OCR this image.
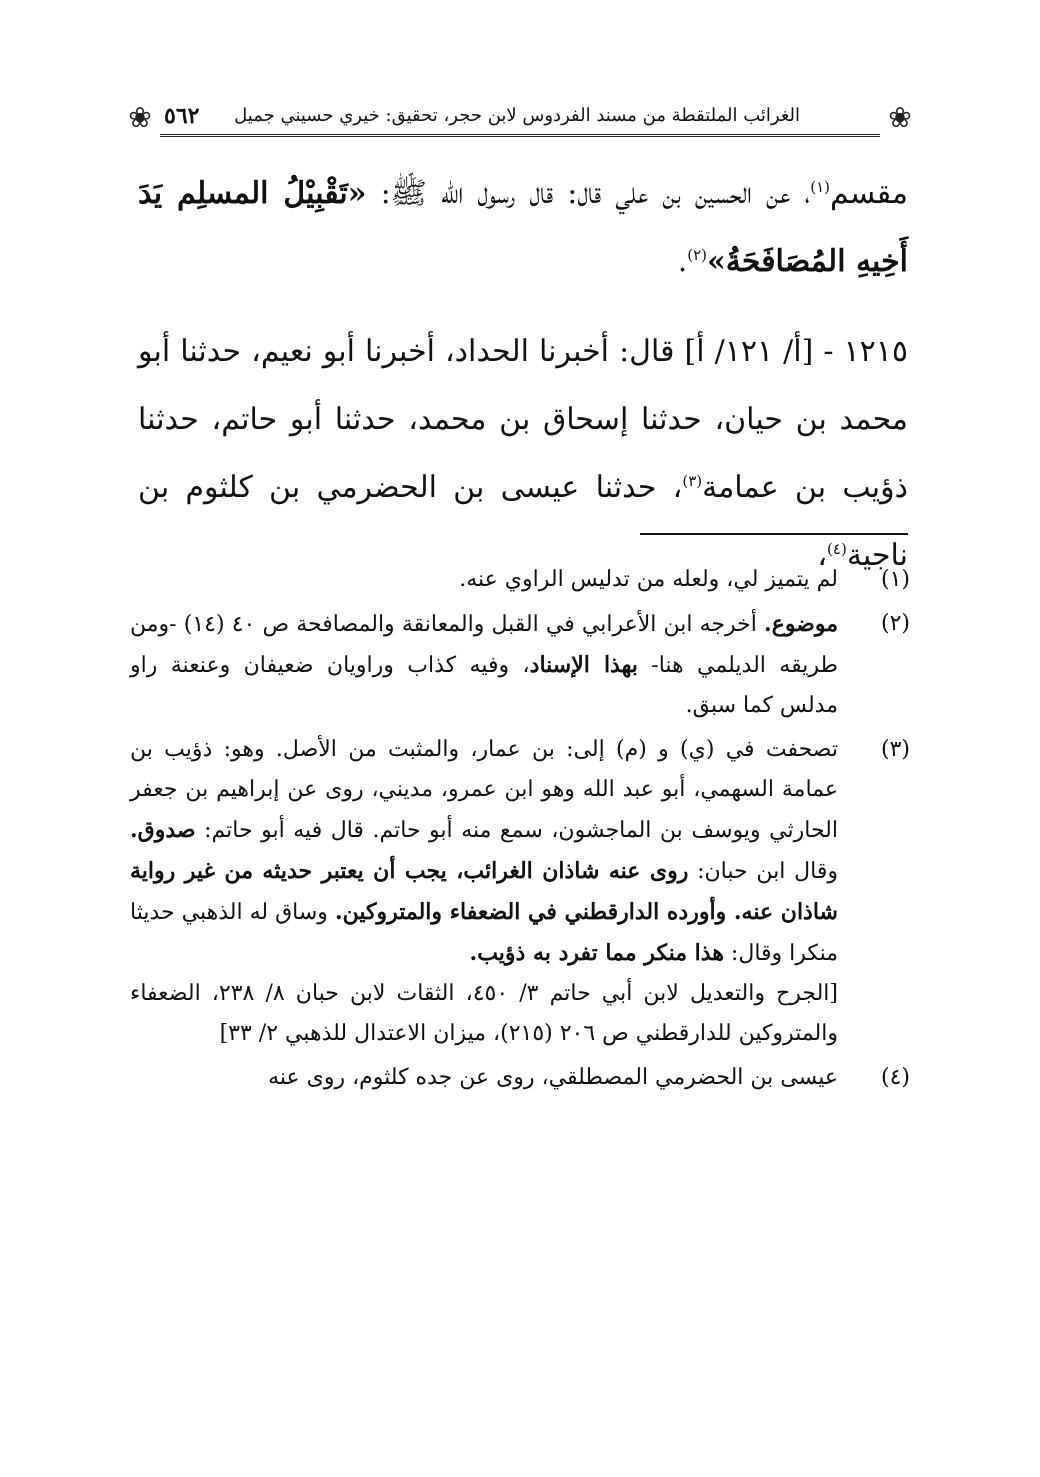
❀
الغرائب الملتقطة من مسند الفردوس لابن حجر، تحقيق: خيري حسيني جميل
٥٦٢
❀

مقسم$^{(١)}$، عن الحسين بن علي قال: قال رسول الله ﷺ: «تَقْبِيْلُ المسلِم يَدَ أَخِيهِ المُصَافَحَةُ»$^{(٢)}$.

١٢١٥ - [أ/ ١٢١/ أ] قال: أخبرنا الحداد، أخبرنا أبو نعيم، حدثنا أبو محمد بن حيان، حدثنا إسحاق بن محمد، حدثنا أبو حاتم، حدثنا ذؤيب بن عمامة$^{(٣)}$، حدثنا عيسى بن الحضرمي بن كلثوم بن ناجية$^{(٤)}$،

(١)

لم يتميز لي، ولعله من تدليس الراوي عنه.

(٢)

موضوع. أخرجه ابن الأعرابي في القبل والمعانقة والمصافحة ص ٤٠ (١٤) -ومن طريقه الديلمي هنا- بهذا الإسناد، وفيه كذاب وراويان ضعيفان وعنعنة راو مدلس كما سبق.

(٣)

تصحفت في (ي) و (م) إلى: بن عمار، والمثبت من الأصل. وهو: ذؤيب بن عمامة السهمي، أبو عبد الله وهو ابن عمرو، مديني، روى عن إبراهيم بن جعفر الحارثي ويوسف بن الماجشون، سمع منه أبو حاتم. قال فيه أبو حاتم: صدوق. وقال ابن حبان: روى عنه شاذان الغرائب، يجب أن يعتبر حديثه من غير رواية شاذان عنه. وأورده الدارقطني في الضعفاء والمتروكين. وساق له الذهبي حديثا منكرا وقال: هذا منكر مما تفرد به ذؤيب.

[الجرح والتعديل لابن أبي حاتم ٣/ ٤٥٠، الثقات لابن حبان ٨/ ٢٣٨، الضعفاء والمتروكين للدارقطني ص ٢٠٦ (٢١٥)، ميزان الاعتدال للذهبي ٢/ ٣٣]

(٤)

عيسى بن الحضرمي المصطلقي، روى عن جده كلثوم، روى عنه
